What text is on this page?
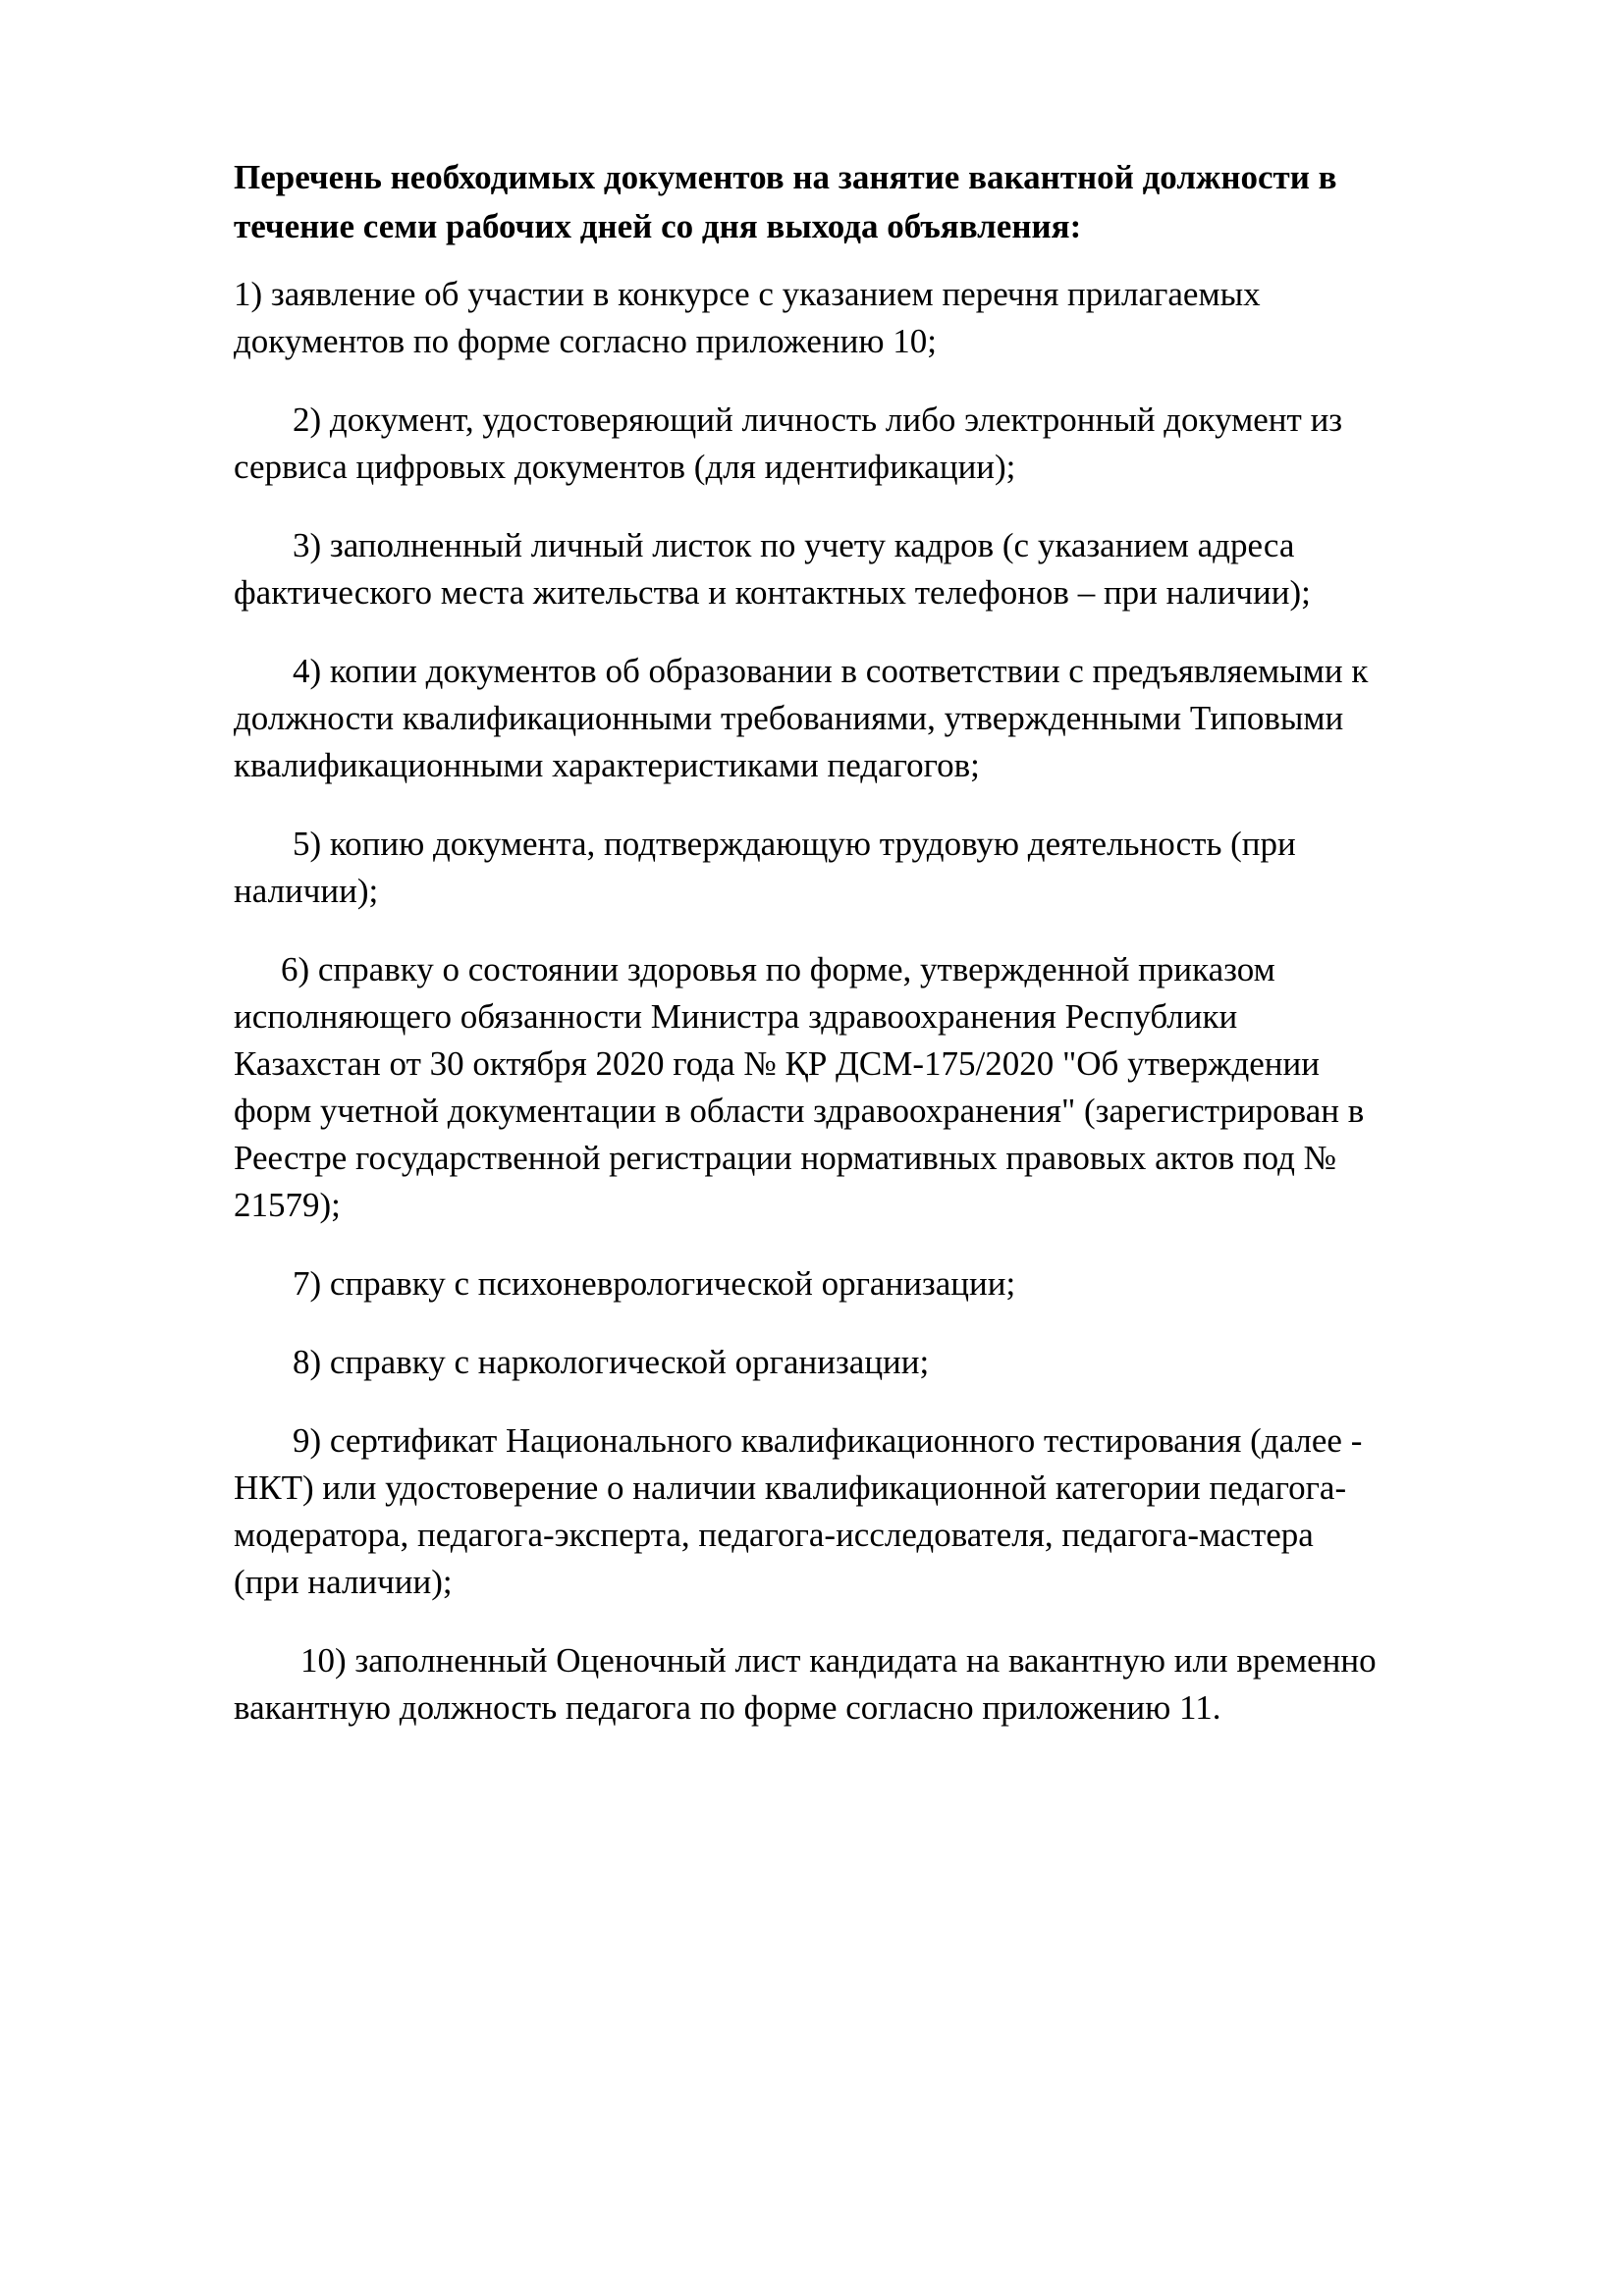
Перечень необходимых документов на занятие вакантной должности в
течение семи рабочих дней со дня выхода объявления:
1) заявление об участии в конкурсе с указанием перечня прилагаемых
документов по форме согласно приложению 10;
2) документ, удостоверяющий личность либо электронный документ из
сервиса цифровых документов (для идентификации);
3) заполненный личный листок по учету кадров (с указанием адреса
фактического места жительства и контактных телефонов – при наличии);
4) копии документов об образовании в соответствии с предъявляемыми к
должности квалификационными требованиями, утвержденными Типовыми
квалификационными характеристиками педагогов;
5) копию документа, подтверждающую трудовую деятельность (при
наличии);
6) справку о состоянии здоровья по форме, утвержденной приказом
исполняющего обязанности Министра здравоохранения Республики
Казахстан от 30 октября 2020 года № ҚР ДСМ-175/2020 "Об утверждении
форм учетной документации в области здравоохранения" (зарегистрирован в
Реестре государственной регистрации нормативных правовых актов под №
21579);
7) справку с психоневрологической организации;
8) справку с наркологической организации;
9) сертификат Национального квалификационного тестирования (далее -
НКТ) или удостоверение о наличии квалификационной категории педагога-
модератора, педагога-эксперта, педагога-исследователя, педагога-мастера
(при наличии);
10) заполненный Оценочный лист кандидата на вакантную или временно
вакантную должность педагога по форме согласно приложению 11.
